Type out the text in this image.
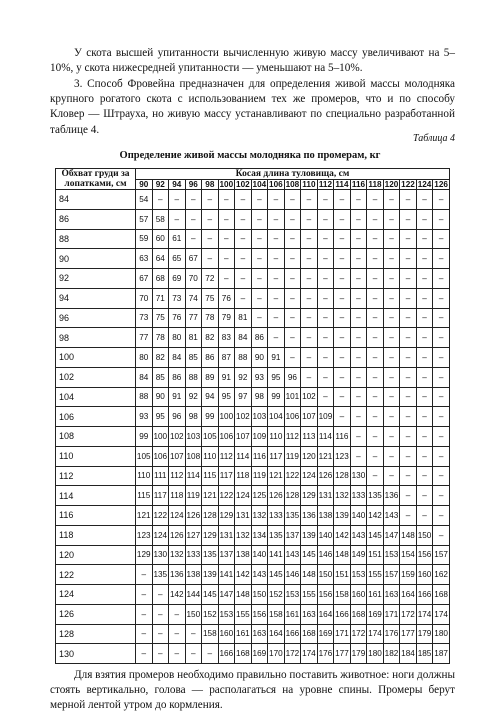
У скота высшей упитанности вычисленную живую массу увеличивают на 5–10%, у скота нижесредней упитанности — уменьшают на 5–10%.
3. Способ Фровейна предназначен для определения живой массы молодняка крупного рогатого скота с использованием тех же промеров, что и по способу Кловер — Штрауха, но живую массу устанавливают по специально разработанной таблице 4.
Таблица 4
Определение живой массы молодняка по промерам, кг
Обхват груди за лопатками, см	Косая длина туловища, см																		
	90	92	94	96	98	100	102	104	106	108	110	112	114	116	118	120	122	124	126
84	54	–	–	–	–	–	–	–	–	–	–	–	–	–	–	–	–	–	–
86	57	58	–	–	–	–	–	–	–	–	–	–	–	–	–	–	–	–	–
88	59	60	61	–	–	–	–	–	–	–	–	–	–	–	–	–	–	–	–
90	63	64	65	67	–	–	–	–	–	–	–	–	–	–	–	–	–	–	–
92	67	68	69	70	72	–	–	–	–	–	–	–	–	–	–	–	–	–	–
94	70	71	73	74	75	76	–	–	–	–	–	–	–	–	–	–	–	–	–
96	73	75	76	77	78	79	81	–	–	–	–	–	–	–	–	–	–	–	–
98	77	78	80	81	82	83	84	86	–	–	–	–	–	–	–	–	–	–	–
100	80	82	84	85	86	87	88	90	91	–	–	–	–	–	–	–	–	–	–
102	84	85	86	88	89	91	92	93	95	96	–	–	–	–	–	–	–	–	–
104	88	90	91	92	94	95	97	98	99	101	102	–	–	–	–	–	–	–	–
106	93	95	96	98	99	100	102	103	104	106	107	109	–	–	–	–	–	–	–
108	99	100	102	103	105	106	107	109	110	112	113	114	116	–	–	–	–	–	–
110	105	106	107	108	110	112	114	116	117	119	120	121	123	–	–	–	–	–	–
112	110	111	112	114	115	117	118	119	121	122	124	126	128	130	–	–	–	–	–
114	115	117	118	119	121	122	124	125	126	128	129	131	132	133	135	136	–	–	–
116	121	122	124	126	128	129	131	132	133	135	136	138	139	140	142	143	–	–	–
118	123	124	126	127	129	131	132	134	135	137	139	140	142	143	145	147	148	150	–
120	129	130	132	133	135	137	138	140	141	143	145	146	148	149	151	153	154	156	157
122	–	135	136	138	139	141	142	143	145	146	148	150	151	153	155	157	159	160	162
124	–	–	142	144	145	147	148	150	152	153	155	156	158	160	161	163	164	166	168
126	–	–	–	150	152	153	155	156	158	161	163	164	166	168	169	171	172	174	174
128	–	–	–	–	158	160	161	163	164	166	168	169	171	172	174	176	177	179	180
130	–	–	–	–	–	166	168	169	170	172	174	176	177	179	180	182	184	185	187
Для взятия промеров необходимо правильно поставить животное: ноги должны стоять вертикально, голова — располагаться на уровне спины. Промеры берут мерной лентой утром до кормления.
